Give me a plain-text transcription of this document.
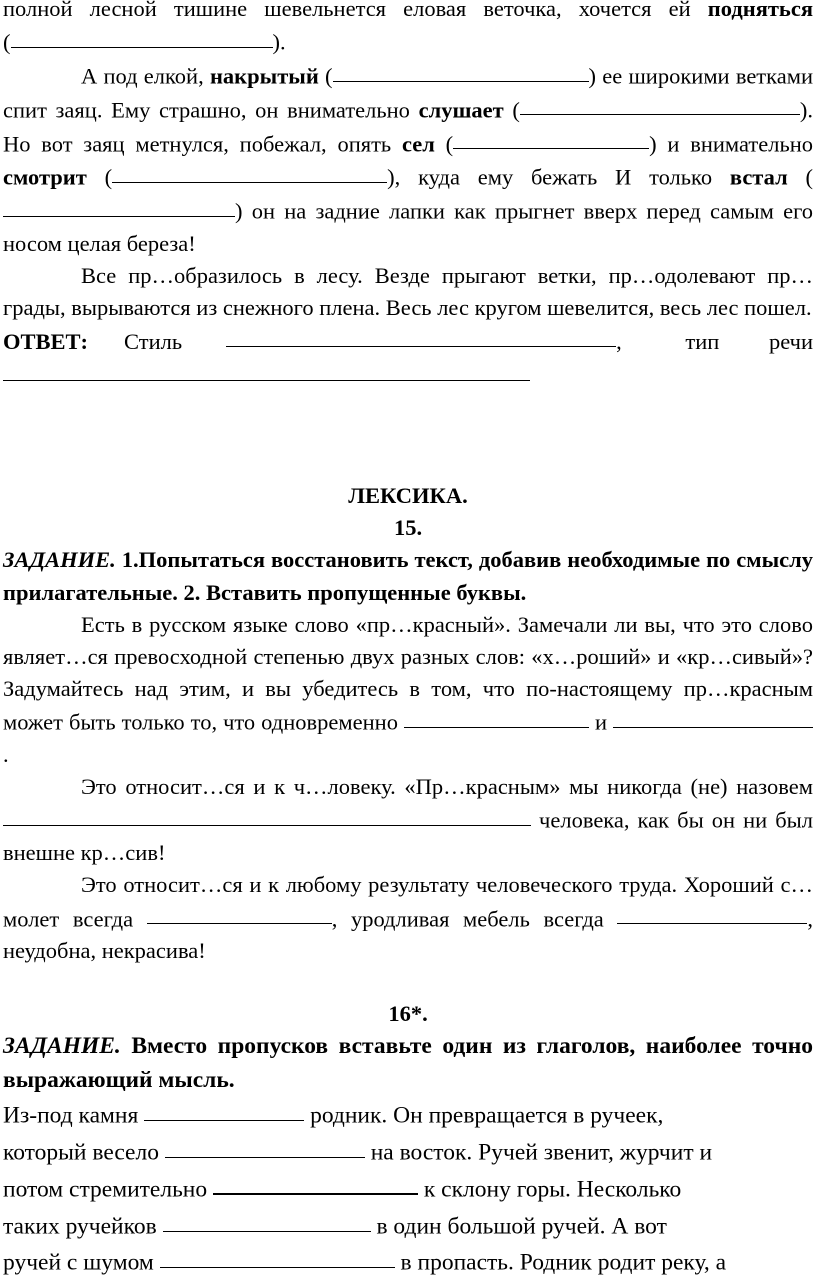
полной лесной тишине шевельнется еловая веточка, хочется ей подняться

(	).

А под елкой, накрытый (	) ее широкими ветками спит заяц. Ему страшно, он внимательно слушает (	). Но вот заяц метнулся, побежал, опять сел (	) и внимательно смотрит (	), куда ему бежать И только встал () он на задние лапки как прыгнет вверх перед самым его носом целая береза!

Все пр…образилось в лесу. Везде прыгают ветки, пр…одолевают пр…грады, вырываются из снежного плена. Весь лес кругом шевелится, весь лес пошел.

ОТВЕТ: Стиль	,	тип речи

ЛЕКСИКА.

15.

ЗАДАНИЕ. 1.Попытаться восстановить текст, добавив необходимые по смыслу прилагательные. 2. Вставить пропущенные буквы.

Есть в русском языке слово «пр…красный». Замечали ли вы, что это слово являет…ся превосходной степенью двух разных слов: «х…роший» и «кр…сивый»? Задумайтесь над этим, и вы убедитесь в том, что по-настоящему пр…красным может быть только то, что одновременно	и  .

Это относит…ся и к ч…ловеку. «Пр…красным» мы никогда (не) назовем  человека, как бы он ни был внешне кр…сив!

Это относит…ся и к любому результату человеческого труда. Хороший с…молет всегда	, уродливая мебель всегда	, неудобна, некрасива!

16*.

ЗАДАНИЕ. Вместо пропусков вставьте один из глаголов, наиболее точно выражающий мысль.

Из-под камня	родник. Он превращается в ручеек,

который весело	на восток. Ручей звенит, журчит и

потом стремительно	к склону горы. Несколько

таких ручейков	в один большой ручей. А вот

ручей с шумом	в пропасть. Родник родит реку, а
